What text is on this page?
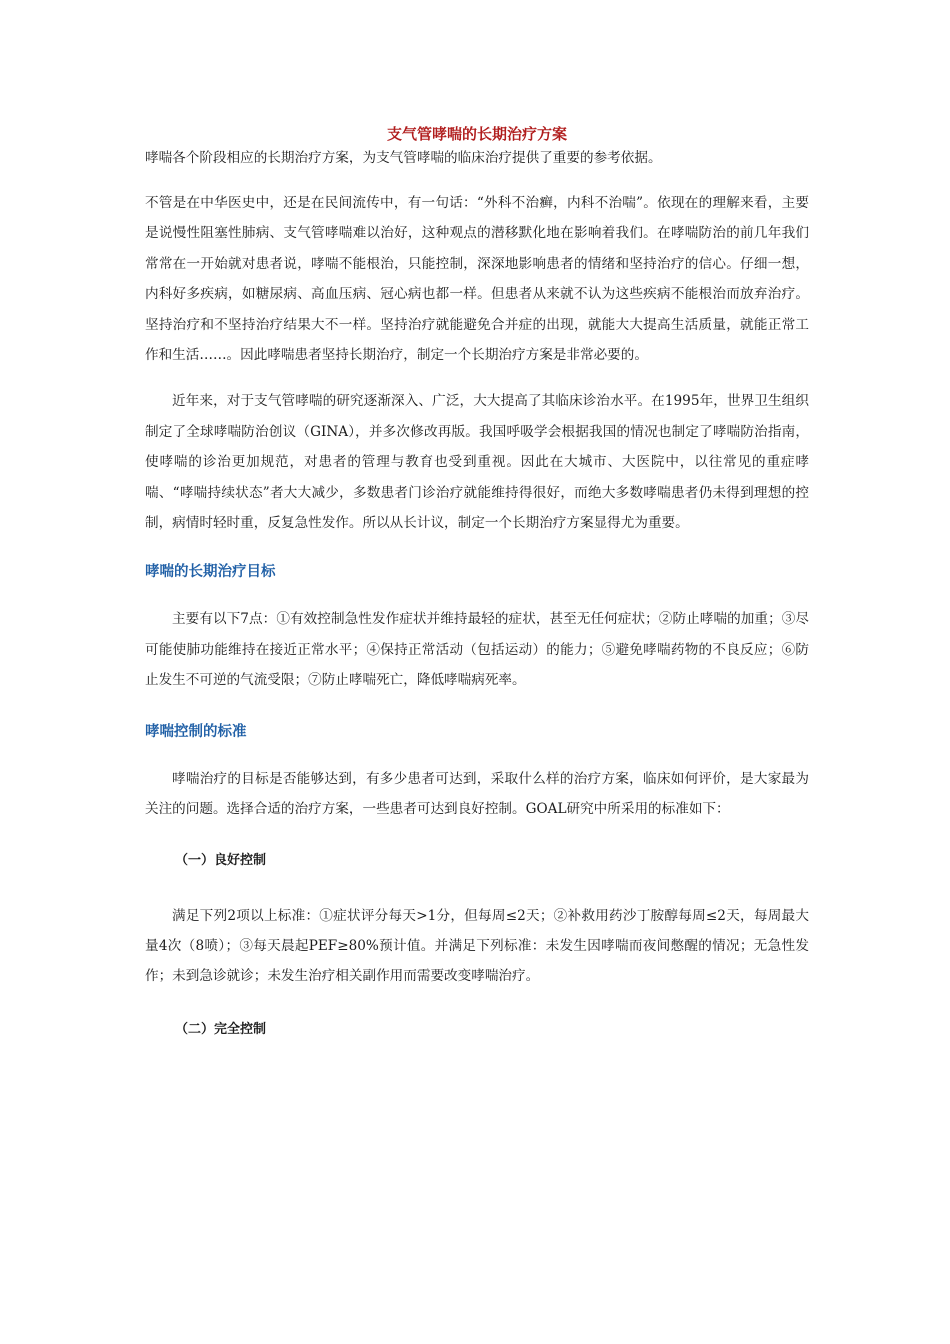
支气管哮喘的长期治疗方案

哮喘各个阶段相应的长期治疗方案，为支气管哮喘的临床治疗提供了重要的参考依据。

不管是在中华医史中，还是在民间流传中，有一句话：“外科不治癣，内科不治喘”。依现在的理解来看，主要是说慢性阻塞性肺病、支气管哮喘难以治好，这种观点的潜移默化地在影响着我们。在哮喘防治的前几年我们常常在一开始就对患者说，哮喘不能根治，只能控制，深深地影响患者的情绪和坚持治疗的信心。仔细一想，内科好多疾病，如糖尿病、高血压病、冠心病也都一样。但患者从来就不认为这些疾病不能根治而放弃治疗。坚持治疗和不坚持治疗结果大不一样。坚持治疗就能避免合并症的出现，就能大大提高生活质量，就能正常工作和生活……。因此哮喘患者坚持长期治疗，制定一个长期治疗方案是非常必要的。

近年来，对于支气管哮喘的研究逐渐深入、广泛，大大提高了其临床诊治水平。在1995年，世界卫生组织制定了全球哮喘防治创议（GINA），并多次修改再版。我国呼吸学会根据我国的情况也制定了哮喘防治指南，使哮喘的诊治更加规范，对患者的管理与教育也受到重视。因此在大城市、大医院中，以往常见的重症哮喘、“哮喘持续状态”者大大减少，多数患者门诊治疗就能维持得很好，而绝大多数哮喘患者仍未得到理想的控制，病情时轻时重，反复急性发作。所以从长计议，制定一个长期治疗方案显得尤为重要。

哮喘的长期治疗目标

主要有以下7点：①有效控制急性发作症状并维持最轻的症状，甚至无任何症状；②防止哮喘的加重；③尽可能使肺功能维持在接近正常水平；④保持正常活动（包括运动）的能力；⑤避免哮喘药物的不良反应；⑥防止发生不可逆的气流受限；⑦防止哮喘死亡，降低哮喘病死率。

哮喘控制的标准

哮喘治疗的目标是否能够达到，有多少患者可达到，采取什么样的治疗方案，临床如何评价，是大家最为关注的问题。选择合适的治疗方案，一些患者可达到良好控制。GOAL研究中所采用的标准如下：

（一）良好控制

满足下列2项以上标准：①症状评分每天>1分，但每周≤2天；②补救用药沙丁胺醇每周≤2天，每周最大量4次（8喷）；③每天晨起PEF≥80%预计值。并满足下列标准：未发生因哮喘而夜间憋醒的情况；无急性发作；未到急诊就诊；未发生治疗相关副作用而需要改变哮喘治疗。

（二）完全控制
